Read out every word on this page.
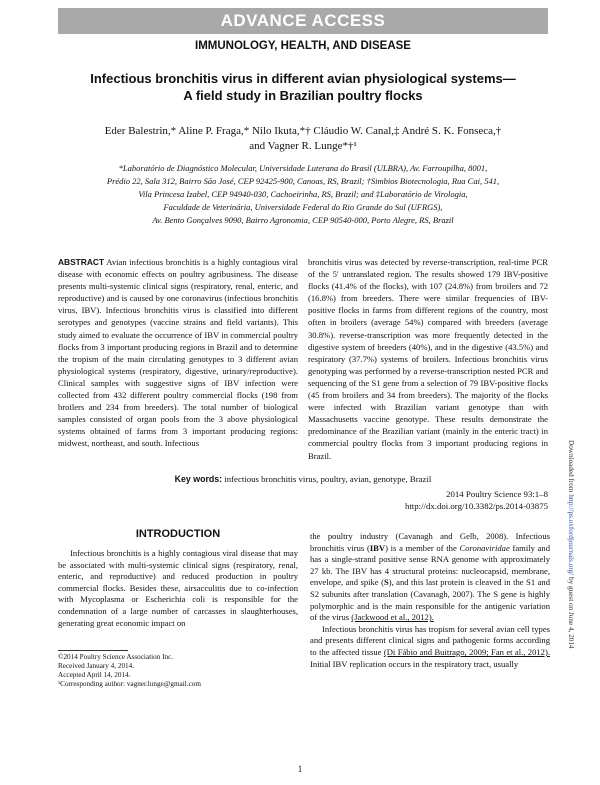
ADVANCE ACCESS
IMMUNOLOGY, HEALTH, AND DISEASE
Infectious bronchitis virus in different avian physiological systems—
A field study in Brazilian poultry flocks
Eder Balestrin,* Aline P. Fraga,* Nilo Ikuta,*† Cláudio W. Canal,‡ André S. K. Fonseca,†
and Vagner R. Lunge*†¹
*Laboratório de Diagnóstico Molecular, Universidade Luterana do Brasil (ULBRA), Av. Farroupilha, 8001,
Prédio 22, Sala 312, Bairro São José, CEP 92425-900, Canoas, RS, Brazil; †Simbios Biotecnologia, Rua Cai, 541,
Vila Princesa Izabel, CEP 94940-030, Cachoeirinha, RS, Brazil; and ‡Laboratório de Virologia,
Faculdade de Veterinária, Universidade Federal do Rio Grande do Sul (UFRGS),
Av. Bento Gonçalves 9090, Bairro Agronomia, CEP 90540-000, Porto Alegre, RS, Brazil
ABSTRACT Avian infectious bronchitis is a highly contagious viral disease with economic effects on poultry agribusiness. The disease presents multi-systemic clinical signs (respiratory, renal, enteric, and reproductive) and is caused by one coronavirus (infectious bronchitis virus, IBV). Infectious bronchitis virus is classified into different serotypes and genotypes (vaccine strains and field variants). This study aimed to evaluate the occurrence of IBV in commercial poultry flocks from 3 important producing regions in Brazil and to determine the tropism of the main circulating genotypes to 3 different avian physiological systems (respiratory, digestive, urinary/reproductive). Clinical samples with suggestive signs of IBV infection were collected from 432 different poultry commercial flocks (198 from broilers and 234 from breeders). The total number of biological samples consisted of organ pools from the 3 above physiological systems obtained of farms from 3 important producing regions: midwest, northeast, and south. Infectious
bronchitis virus was detected by reverse-transcription, real-time PCR of the 5′ untranslated region. The results showed 179 IBV-positive flocks (41.4% of the flocks), with 107 (24.8%) from broilers and 72 (16.8%) from breeders. There were similar frequencies of IBV-positive flocks in farms from different regions of the country, most often in broilers (average 54%) compared with breeders (average 30.8%). reverse-transcription was more frequently detected in the digestive system of breeders (40%), and in the digestive (43.5%) and respiratory (37.7%) systems of broilers. Infectious bronchitis virus genotyping was performed by a reverse-transcription nested PCR and sequencing of the S1 gene from a selection of 79 IBV-positive flocks (45 from broilers and 34 from breeders). The majority of the flocks were infected with Brazilian variant genotype than with Massachusetts vaccine genotype. These results demonstrate the predominance of the Brazilian variant (mainly in the enteric tract) in commercial poultry flocks from 3 important producing regions in Brazil.
Key words: infectious bronchitis virus, poultry, avian, genotype, Brazil
2014 Poultry Science 93:1–8
http://dx.doi.org/10.3382/ps.2014-03875
INTRODUCTION

Infectious bronchitis is a highly contagious viral disease that may be associated with multi-systemic clinical signs (respiratory, renal, enteric, and reproductive) and reduced production in poultry commercial flocks. Besides these, airsacculitis due to co-infection with Mycoplasma or Escherichia coli is responsible for the condemnation of a large number of carcasses in slaughterhouses, generating great economic impact on

the poultry industry (Cavanagh and Gelb, 2008). Infectious bronchitis virus (IBV) is a member of the Coronaviridae family and has a single-strand positive sense RNA genome with approximately 27 kb. The IBV has 4 structural proteins: nucleocapsid, membrane, envelope, and spike (S), and this last protein is cleaved in the S1 and S2 subunits after translation (Cavanagh, 2007). The S gene is highly polymorphic and is the main responsible for the antigenic variation of the virus (Jackwood et al., 2012).

Infectious bronchitis virus has tropism for several avian cell types and presents different clinical signs and pathogenic forms according to the affected tissue (Di Fábio and Buitrago, 2009; Fan et al., 2012). Initial IBV replication occurs in the respiratory tract, usually

©2014 Poultry Science Association Inc.
Received January 4, 2014.
Accepted April 14, 2014.
¹Corresponding author: vagner.lunge@gmail.com
1
Downloaded from http://ps.oxfordjournals.org/ by guest on June 4, 2014
